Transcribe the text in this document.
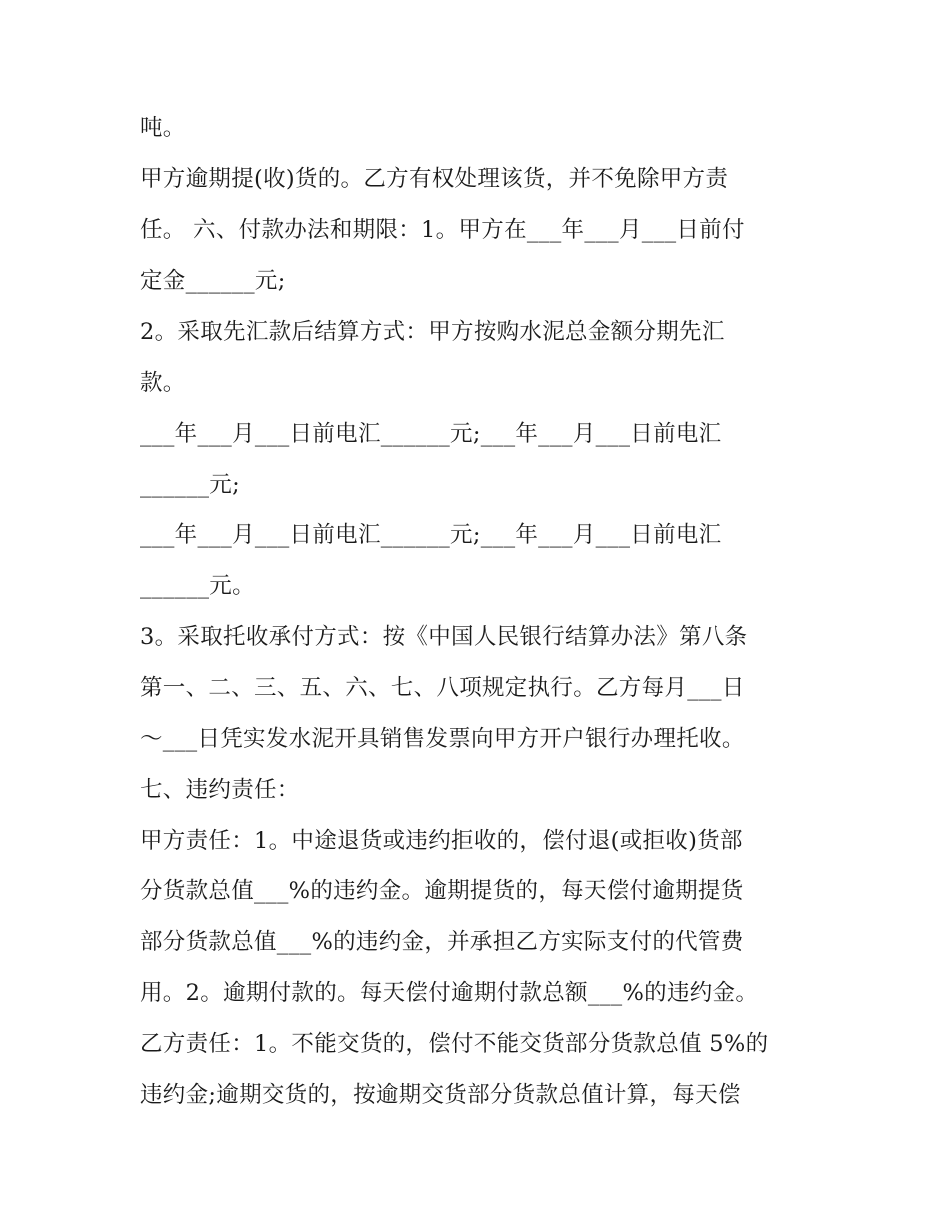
吨。
甲方逾期提(收)货的。乙方有权处理该货，并不免除甲方责
任。 六、付款办法和期限：1。甲方在___年___月___日前付
定金______元;
2。采取先汇款后结算方式：甲方按购水泥总金额分期先汇
款。
___年___月___日前电汇______元;___年___月___日前电汇
______元;
___年___月___日前电汇______元;___年___月___日前电汇
______元。
3。采取托收承付方式：按《中国人民银行结算办法》第八条
第一、二、三、五、六、七、八项规定执行。乙方每月___日
～___日凭实发水泥开具销售发票向甲方开户银行办理托收。
七、违约责任：
甲方责任：1。中途退货或违约拒收的，偿付退(或拒收)货部
分货款总值___%的违约金。逾期提货的，每天偿付逾期提货
部分货款总值___%的违约金，并承担乙方实际支付的代管费
用。2。逾期付款的。每天偿付逾期付款总额___%的违约金。
乙方责任：1。不能交货的，偿付不能交货部分货款总值 5%的
违约金;逾期交货的，按逾期交货部分货款总值计算，每天偿
